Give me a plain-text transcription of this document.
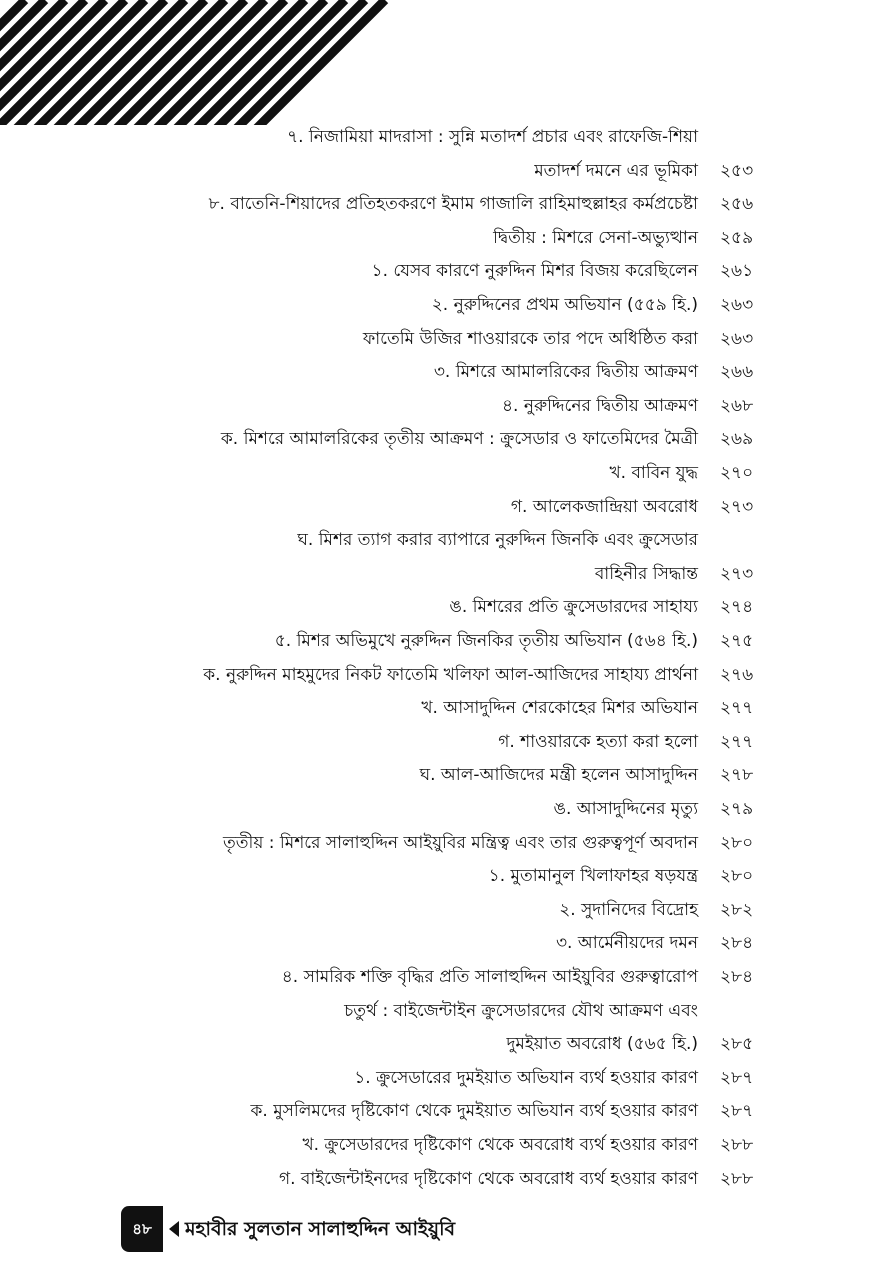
৭. নিজামিয়া মাদরাসা : সুন্নি মতাদর্শ প্রচার এবং রাফেজি-শিয়া
মতাদর্শ দমনে এর ভূমিকা ২৫৩
৮. বাতেনি-শিয়াদের প্রতিহতকরণে ইমাম গাজালি রাহিমাহুল্লাহর কর্মপ্রচেষ্টা ২৫৬
দ্বিতীয় : মিশরে সেনা-অভ্যুত্থান ২৫৯
১. যেসব কারণে নুরুদ্দিন মিশর বিজয় করেছিলেন ২৬১
২. নুরুদ্দিনের প্রথম অভিযান (৫৫৯ হি.) ২৬৩
ফাতেমি উজির শাওয়ারকে তার পদে অধিষ্ঠিত করা ২৬৩
৩. মিশরে আমালরিকের দ্বিতীয় আক্রমণ ২৬৬
৪. নুরুদ্দিনের দ্বিতীয় আক্রমণ ২৬৮
ক. মিশরে আমালরিকের তৃতীয় আক্রমণ : ক্রুসেডার ও ফাতেমিদের মৈত্রী ২৬৯
খ. বাবিন যুদ্ধ ২৭০
গ. আলেকজান্দ্রিয়া অবরোধ ২৭৩
ঘ. মিশর ত্যাগ করার ব্যাপারে নুরুদ্দিন জিনকি এবং ক্রুসেডার
বাহিনীর সিদ্ধান্ত ২৭৩
ঙ. মিশরের প্রতি ক্রুসেডারদের সাহায্য ২৭৪
৫. মিশর অভিমুখে নুরুদ্দিন জিনকির তৃতীয় অভিযান (৫৬৪ হি.) ২৭৫
ক. নুরুদ্দিন মাহমুদের নিকট ফাতেমি খলিফা আল-আজিদের সাহায্য প্রার্থনা ২৭৬
খ. আসাদুদ্দিন শেরকোহের মিশর অভিযান ২৭৭
গ. শাওয়ারকে হত্যা করা হলো ২৭৭
ঘ. আল-আজিদের মন্ত্রী হলেন আসাদুদ্দিন ২৭৮
ঙ. আসাদুদ্দিনের মৃত্যু ২৭৯
তৃতীয় : মিশরে সালাহুদ্দিন আইয়ুবির মন্ত্রিত্ব এবং তার গুরুত্বপূর্ণ অবদান ২৮০
১. মুতামানুল খিলাফাহর ষড়যন্ত্র ২৮০
২. সুদানিদের বিদ্রোহ ২৮২
৩. আর্মেনীয়দের দমন ২৮৪
৪. সামরিক শক্তি বৃদ্ধির প্রতি সালাহুদ্দিন আইয়ুবির গুরুত্বারোপ ২৮৪
চতুর্থ : বাইজেন্টাইন ক্রুসেডারদের যৌথ আক্রমণ এবং
দুমইয়াত অবরোধ (৫৬৫ হি.) ২৮৫
১. ক্রুসেডারের দুমইয়াত অভিযান ব্যর্থ হওয়ার কারণ ২৮৭
ক. মুসলিমদের দৃষ্টিকোণ থেকে দুমইয়াত অভিযান ব্যর্থ হওয়ার কারণ ২৮৭
খ. ক্রুসেডারদের দৃষ্টিকোণ থেকে অবরোধ ব্যর্থ হওয়ার কারণ ২৮৮
গ. বাইজেন্টাইনদের দৃষ্টিকোণ থেকে অবরোধ ব্যর্থ হওয়ার কারণ ২৮৮
৪৮	মহাবীর সুলতান সালাহুদ্দিন আইয়ুবি
